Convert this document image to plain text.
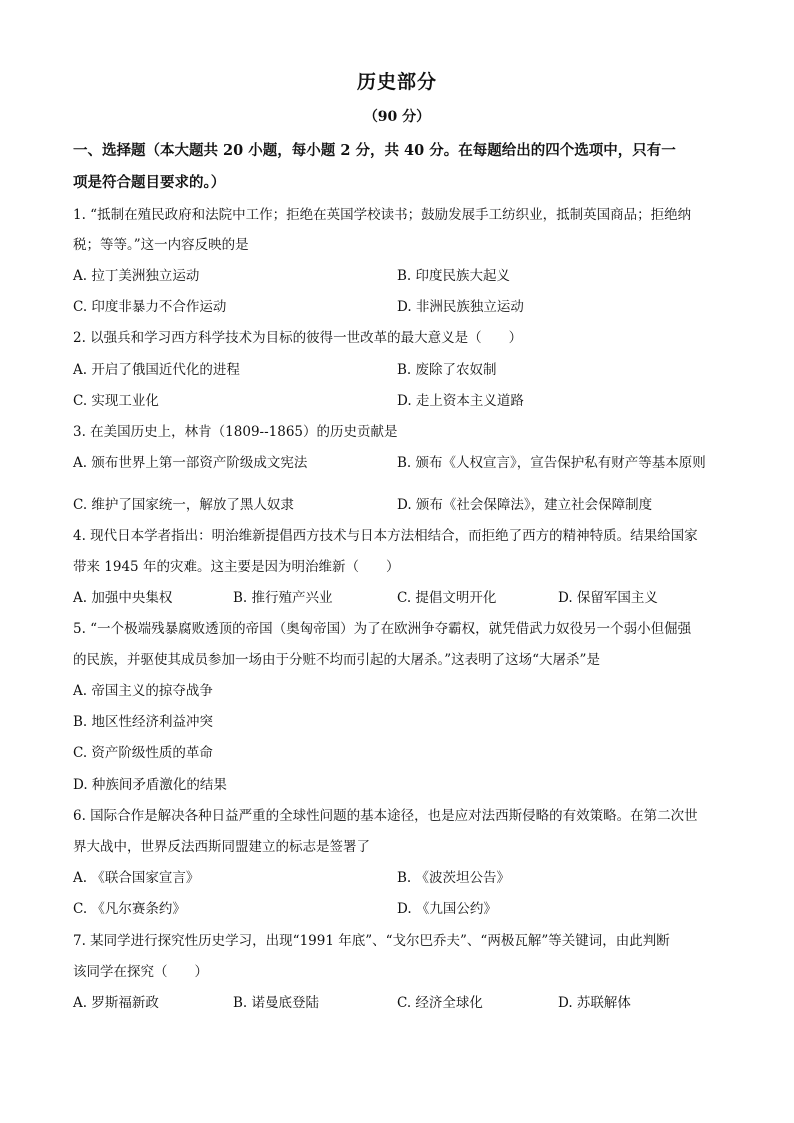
历史部分
（90 分）
一、选择题（本大题共 20 小题，每小题 2 分，共 40 分。在每题给出的四个选项中，只有一
项是符合题目要求的。）
1. “抵制在殖民政府和法院中工作；拒绝在英国学校读书；鼓励发展手工纺织业，抵制英国商品；拒绝纳
税；等等。”这一内容反映的是
A. 拉丁美洲独立运动	B. 印度民族大起义
C. 印度非暴力不合作运动	D. 非洲民族独立运动
2. 以强兵和学习西方科学技术为目标的彼得一世改革的最大意义是（　　）
A. 开启了俄国近代化的进程	B. 废除了农奴制
C. 实现工业化	D. 走上资本主义道路
3. 在美国历史上，林肯（1809--1865）的历史贡献是
A. 颁布世界上第一部资产阶级成文宪法	B. 颁布《人权宣言》，宣告保护私有财产等基本原则
C. 维护了国家统一，解放了黑人奴隶	D. 颁布《社会保障法》，建立社会保障制度
4. 现代日本学者指出：明治维新提倡西方技术与日本方法相结合，而拒绝了西方的精神特质。结果给国家
带来 1945 年的灾难。这主要是因为明治维新（　　）
A. 加强中央集权	B. 推行殖产兴业	C. 提倡文明开化	D. 保留军国主义
5. “一个极端残暴腐败透顶的帝国（奥匈帝国）为了在欧洲争夺霸权，就凭借武力奴役另一个弱小但倔强
的民族，并驱使其成员参加一场由于分赃不均而引起的大屠杀。”这表明了这场“大屠杀”是
A. 帝国主义的掠夺战争
B. 地区性经济利益冲突
C. 资产阶级性质的革命
D. 种族间矛盾激化的结果
6. 国际合作是解决各种日益严重的全球性问题的基本途径，也是应对法西斯侵略的有效策略。在第二次世
界大战中，世界反法西斯同盟建立的标志是签署了
A. 《联合国家宣言》	B. 《波茨坦公告》
C. 《凡尔赛条约》	D. 《九国公约》
7. 某同学进行探究性历史学习，出现“1991 年底”、“戈尔巴乔夫”、“两极瓦解”等关键词，由此判断
该同学在探究（　　）
A. 罗斯福新政	B. 诺曼底登陆	C. 经济全球化	D. 苏联解体
